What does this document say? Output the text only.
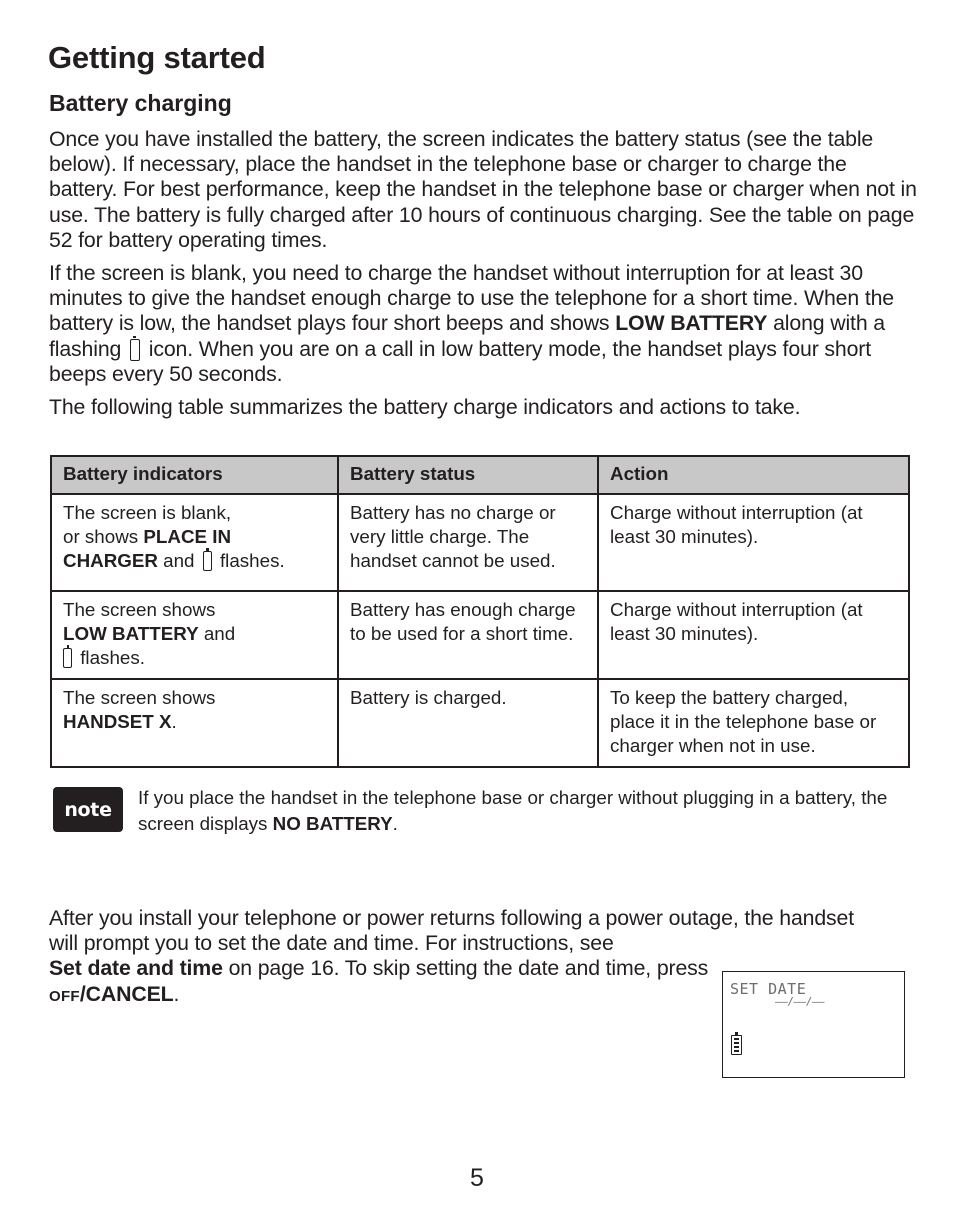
Getting started
Battery charging

Once you have installed the battery, the screen indicates the battery status (see the table below). If necessary, place the handset in the telephone base or charger to charge the battery. For best performance, keep the handset in the telephone base or charger when not in use. The battery is fully charged after 10 hours of continuous charging. See the table on page 52 for battery operating times.

If the screen is blank, you need to charge the handset without interruption for at least 30 minutes to give the handset enough charge to use the telephone for a short time. When the battery is low, the handset plays four short beeps and shows LOW BATTERY along with a flashing  icon. When you are on a call in low battery mode, the handset plays four short beeps every 50 seconds.

The following table summarizes the battery charge indicators and actions to take.

Battery indicators	Battery status	Action
The screen is blank,
or shows PLACE IN CHARGER and  flashes.	Battery has no charge or very little charge. The handset cannot be used.	Charge without interruption (at least 30 minutes).
The screen shows
LOW BATTERY and
flashes.	Battery has enough charge to be used for a short time.	Charge without interruption (at least 30 minutes).
The screen shows
HANDSET X.	Battery is charged.	To keep the battery charged, place it in the telephone base or charger when not in use.
note

If you place the handset in the telephone base or charger without plugging in a battery, the screen displays NO BATTERY.

After you install your telephone or power returns following a power outage, the handset will prompt you to set the date and time. For instructions, see
Set date and time on page 16. To skip setting the date and time, press
OFF/CANCEL.	SET DATE
——/——/——
5
